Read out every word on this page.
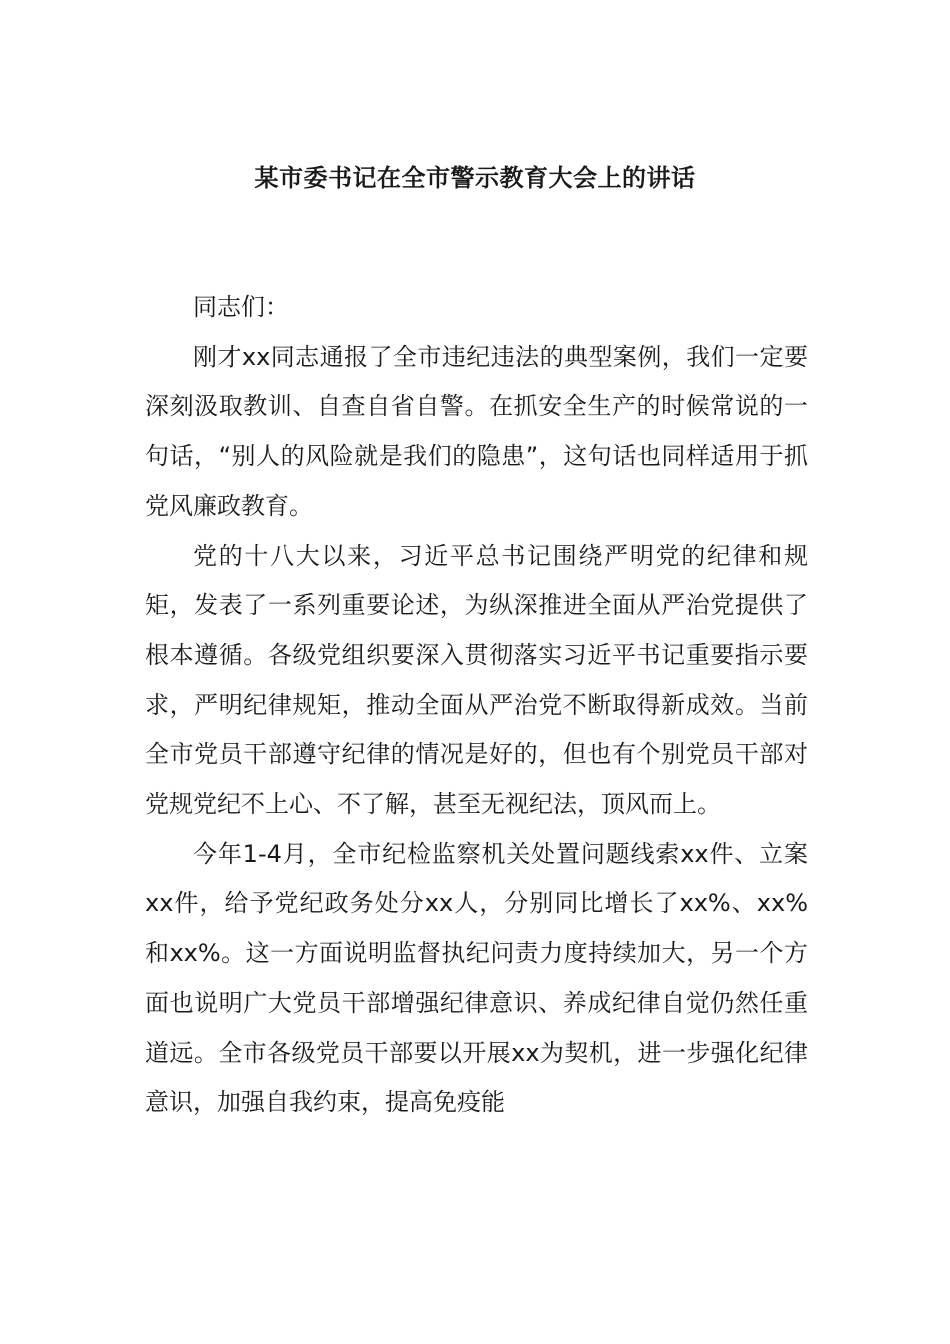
某市委书记在全市警示教育大会上的讲话

同志们：

刚才xx同志通报了全市违纪违法的典型案例，我们一定要深刻汲取教训、自查自省自警。在抓安全生产的时候常说的一句话，“别人的风险就是我们的隐患”，这句话也同样适用于抓党风廉政教育。

党的十八大以来，习近平总书记围绕严明党的纪律和规矩，发表了一系列重要论述，为纵深推进全面从严治党提供了根本遵循。各级党组织要深入贯彻落实习近平书记重要指示要求，严明纪律规矩，推动全面从严治党不断取得新成效。当前全市党员干部遵守纪律的情况是好的，但也有个别党员干部对党规党纪不上心、不了解，甚至无视纪法，顶风而上。

今年1-4月，全市纪检监察机关处置问题线索xx件、立案xx件，给予党纪政务处分xx人，分别同比增长了xx%、xx%和xx%。这一方面说明监督执纪问责力度持续加大，另一个方面也说明广大党员干部增强纪律意识、养成纪律自觉仍然任重道远。全市各级党员干部要以开展xx为契机，进一步强化纪律意识，加强自我约束，提高免疫能
